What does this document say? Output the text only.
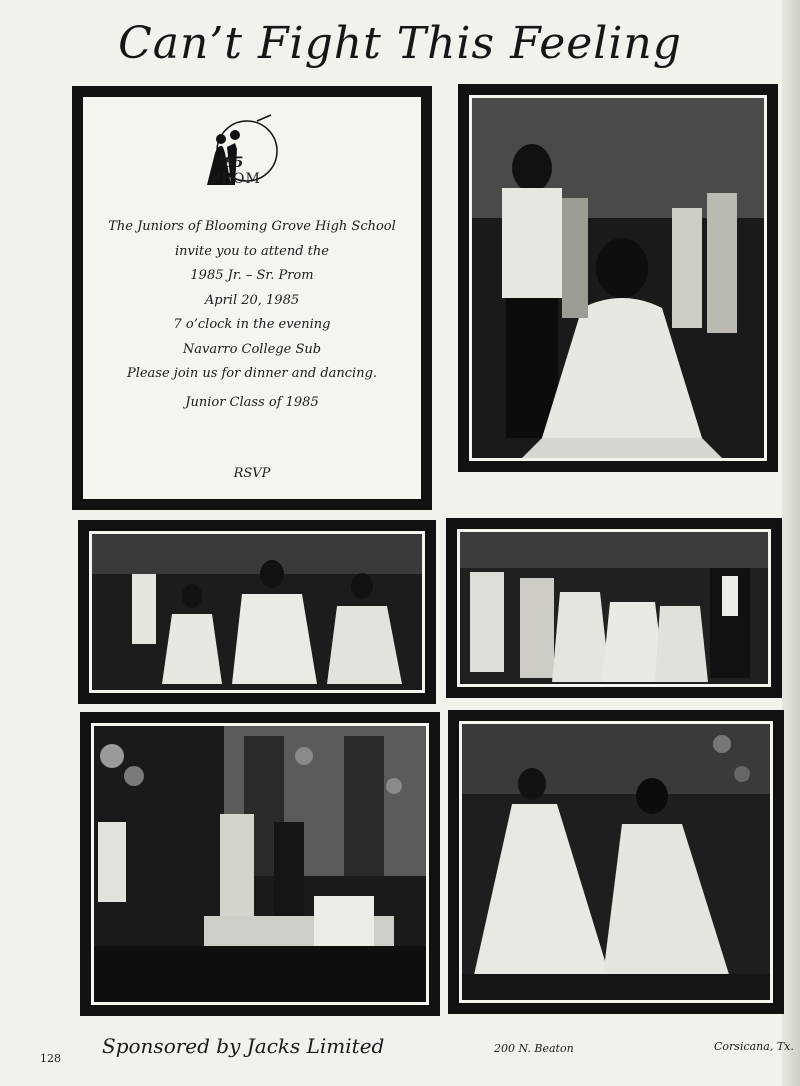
Can’t Fight This Feeling
’85
PROM
The Juniors of Blooming Grove High School
invite you to attend the
1985 Jr. – Sr. Prom
April 20, 1985
7 o’clock in the evening
Navarro College Sub
Please join us for dinner and dancing.
Junior Class of 1985
RSVP
128
Sponsored by Jacks Limited	200 N. Beaton	Corsicana, Tx.
